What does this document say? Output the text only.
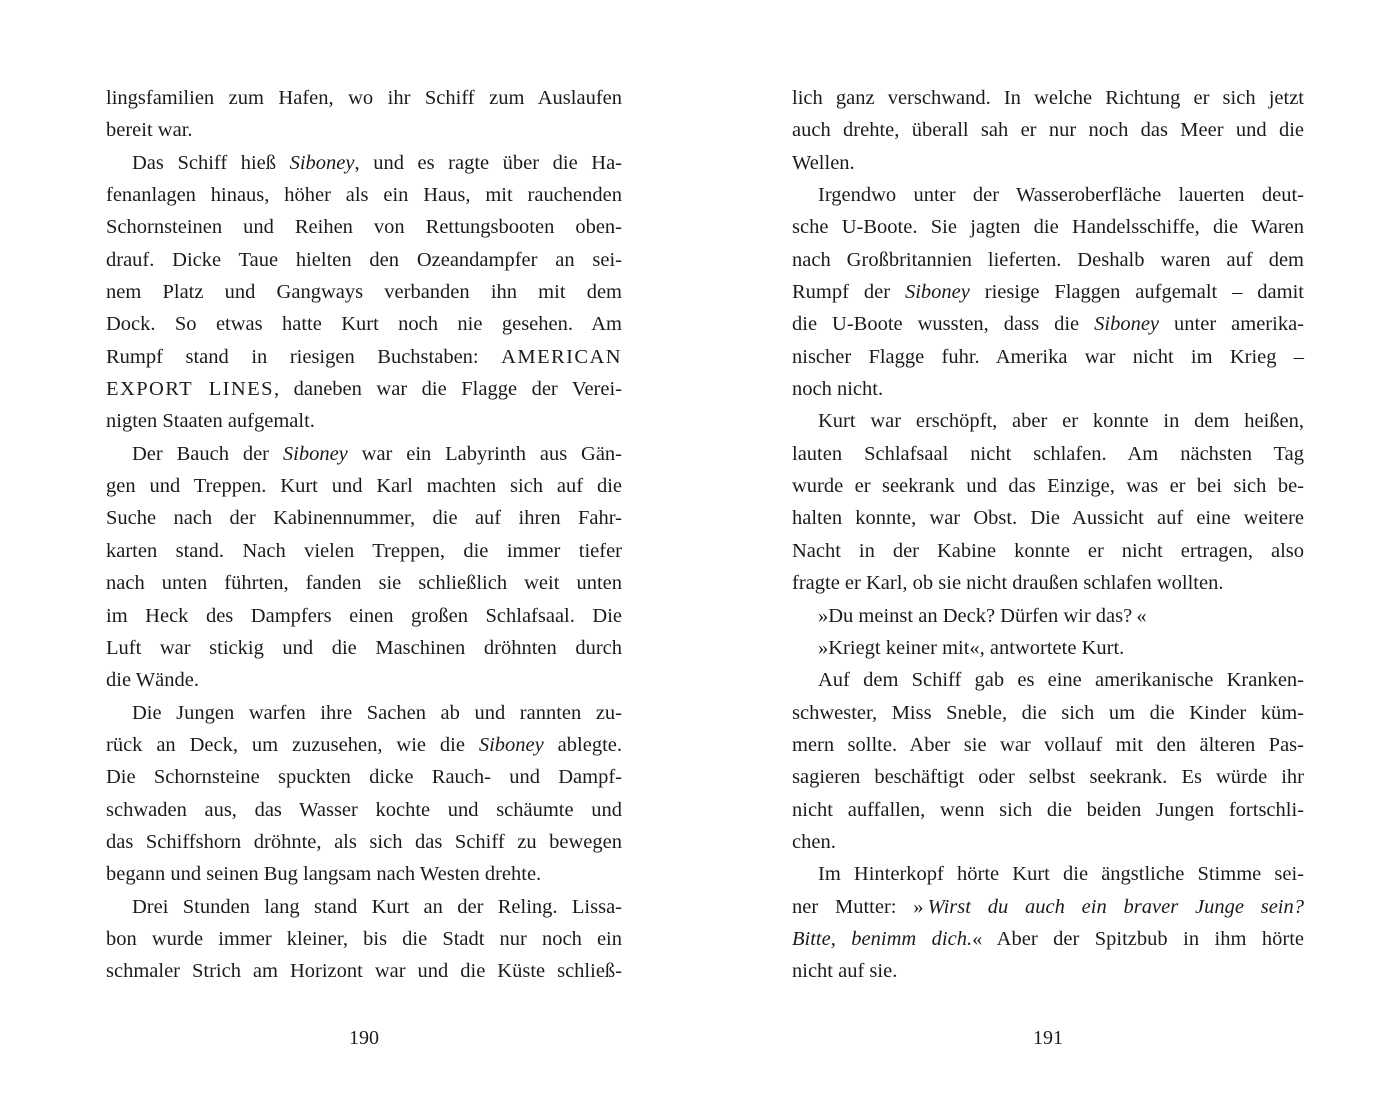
lingsfamilien zum Hafen, wo ihr Schiff zum Auslaufen
bereit war.
Das Schiff hieß Siboney, und es ragte über die Ha-
fenanlagen hinaus, höher als ein Haus, mit rauchenden
Schornsteinen und Reihen von Rettungsbooten oben-
drauf. Dicke Taue hielten den Ozeandampfer an sei-
nem Platz und Gangways verbanden ihn mit dem
Dock. So etwas hatte Kurt noch nie gesehen. Am
Rumpf stand in riesigen Buchstaben: AMERICAN
EXPORT LINES, daneben war die Flagge der Verei-
nigten Staaten aufgemalt.
Der Bauch der Siboney war ein Labyrinth aus Gän-
gen und Treppen. Kurt und Karl machten sich auf die
Suche nach der Kabinennummer, die auf ihren Fahr-
karten stand. Nach vielen Treppen, die immer tiefer
nach unten führten, fanden sie schließlich weit unten
im Heck des Dampfers einen großen Schlafsaal. Die
Luft war stickig und die Maschinen dröhnten durch
die Wände.
Die Jungen warfen ihre Sachen ab und rannten zu-
rück an Deck, um zuzusehen, wie die Siboney ablegte.
Die Schornsteine spuckten dicke Rauch- und Dampf-
schwaden aus, das Wasser kochte und schäumte und
das Schiffshorn dröhnte, als sich das Schiff zu bewegen
begann und seinen Bug langsam nach Westen drehte.
Drei Stunden lang stand Kurt an der Reling. Lissa-
bon wurde immer kleiner, bis die Stadt nur noch ein
schmaler Strich am Horizont war und die Küste schließ-
190
lich ganz verschwand. In welche Richtung er sich jetzt
auch drehte, überall sah er nur noch das Meer und die
Wellen.
Irgendwo unter der Wasseroberfläche lauerten deut-
sche U-Boote. Sie jagten die Handelsschiffe, die Waren
nach Großbritannien lieferten. Deshalb waren auf dem
Rumpf der Siboney riesige Flaggen aufgemalt – damit
die U-Boote wussten, dass die Siboney unter amerika-
nischer Flagge fuhr. Amerika war nicht im Krieg –
noch nicht.
Kurt war erschöpft, aber er konnte in dem heißen,
lauten Schlafsaal nicht schlafen. Am nächsten Tag
wurde er seekrank und das Einzige, was er bei sich be-
halten konnte, war Obst. Die Aussicht auf eine weitere
Nacht in der Kabine konnte er nicht ertragen, also
fragte er Karl, ob sie nicht draußen schlafen wollten.
»Du meinst an Deck? Dürfen wir das? «
»Kriegt keiner mit«, antwortete Kurt.
Auf dem Schiff gab es eine amerikanische Kranken-
schwester, Miss Sneble, die sich um die Kinder küm-
mern sollte. Aber sie war vollauf mit den älteren Pas-
sagieren beschäftigt oder selbst seekrank. Es würde ihr
nicht auffallen, wenn sich die beiden Jungen fortschli-
chen.
Im Hinterkopf hörte Kurt die ängstliche Stimme sei-
ner Mutter: » Wirst du auch ein braver Junge sein?
Bitte, benimm dich.« Aber der Spitzbub in ihm hörte
nicht auf sie.
191
